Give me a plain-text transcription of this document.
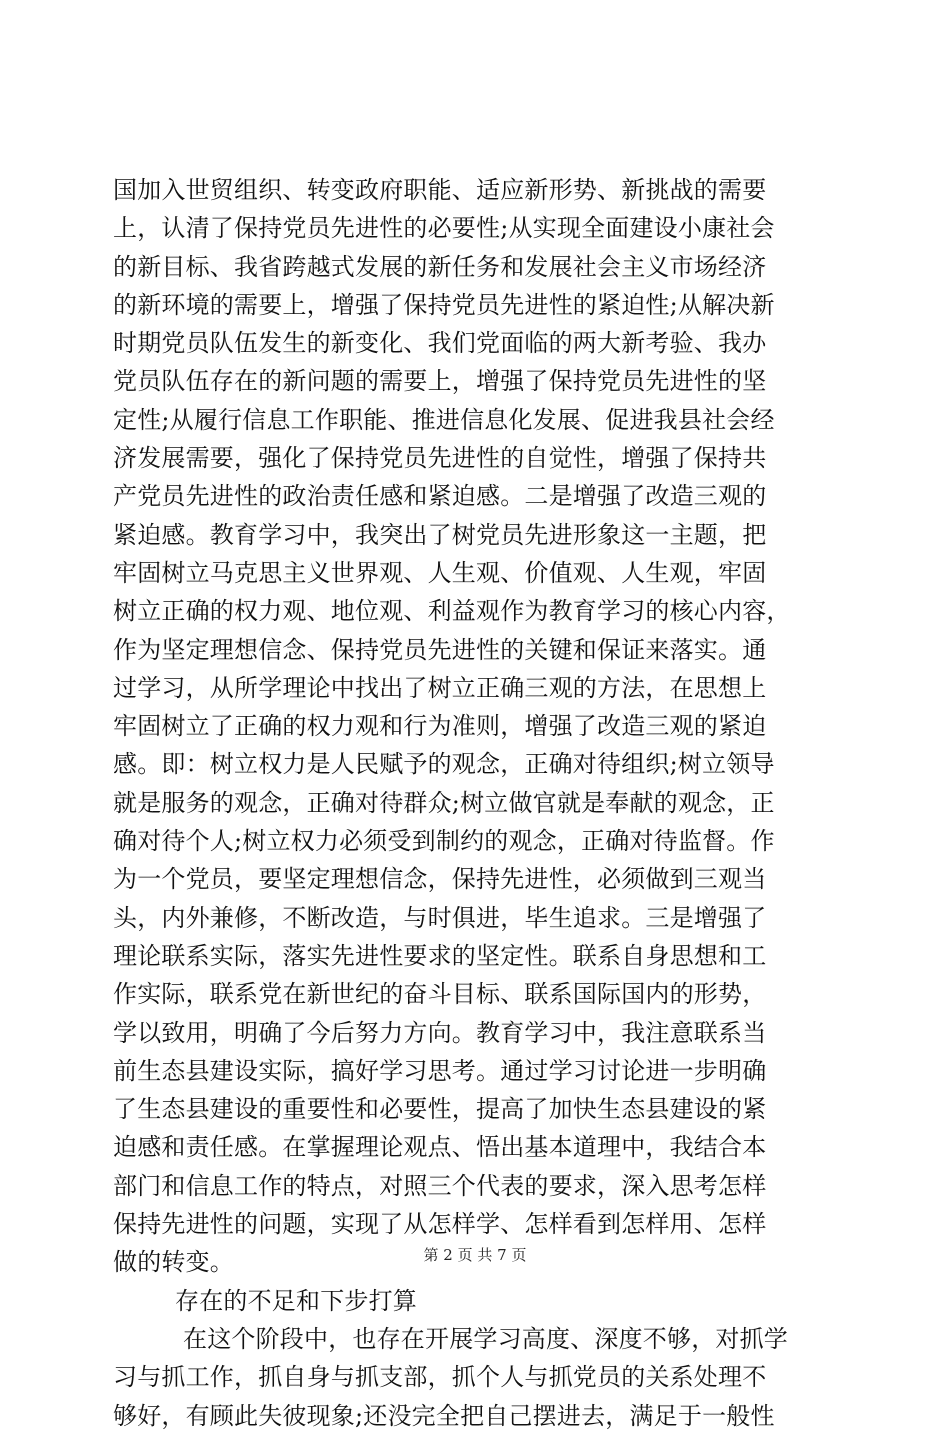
国加入世贸组织、转变政府职能、适应新形势、新挑战的需要
上，认清了保持党员先进性的必要性;从实现全面建设小康社会
的新目标、我省跨越式发展的新任务和发展社会主义市场经济
的新环境的需要上，增强了保持党员先进性的紧迫性;从解决新
时期党员队伍发生的新变化、我们党面临的两大新考验、我办
党员队伍存在的新问题的需要上，增强了保持党员先进性的坚
定性;从履行信息工作职能、推进信息化发展、促进我县社会经
济发展需要，强化了保持党员先进性的自觉性，增强了保持共
产党员先进性的政治责任感和紧迫感。二是增强了改造三观的
紧迫感。教育学习中，我突出了树党员先进形象这一主题，把
牢固树立马克思主义世界观、人生观、价值观、人生观，牢固
树立正确的权力观、地位观、利益观作为教育学习的核心内容，
作为坚定理想信念、保持党员先进性的关键和保证来落实。通
过学习，从所学理论中找出了树立正确三观的方法，在思想上
牢固树立了正确的权力观和行为准则，增强了改造三观的紧迫
感。即：树立权力是人民赋予的观念，正确对待组织;树立领导
就是服务的观念，正确对待群众;树立做官就是奉献的观念，正
确对待个人;树立权力必须受到制约的观念，正确对待监督。作
为一个党员，要坚定理想信念，保持先进性，必须做到三观当
头，内外兼修，不断改造，与时俱进，毕生追求。三是增强了
理论联系实际，落实先进性要求的坚定性。联系自身思想和工
作实际，联系党在新世纪的奋斗目标、联系国际国内的形势，
学以致用，明确了今后努力方向。教育学习中，我注意联系当
前生态县建设实际，搞好学习思考。通过学习讨论进一步明确
了生态县建设的重要性和必要性，提高了加快生态县建设的紧
迫感和责任感。在掌握理论观点、悟出基本道理中，我结合本
部门和信息工作的特点，对照三个代表的要求，深入思考怎样
保持先进性的问题，实现了从怎样学、怎样看到怎样用、怎样
做的转变。
存在的不足和下步打算
在这个阶段中，也存在开展学习高度、深度不够，对抓学
习与抓工作，抓自身与抓支部，抓个人与抓党员的关系处理不
够好，有顾此失彼现象;还没完全把自己摆进去，满足于一般性
第 2 页 共 7 页
